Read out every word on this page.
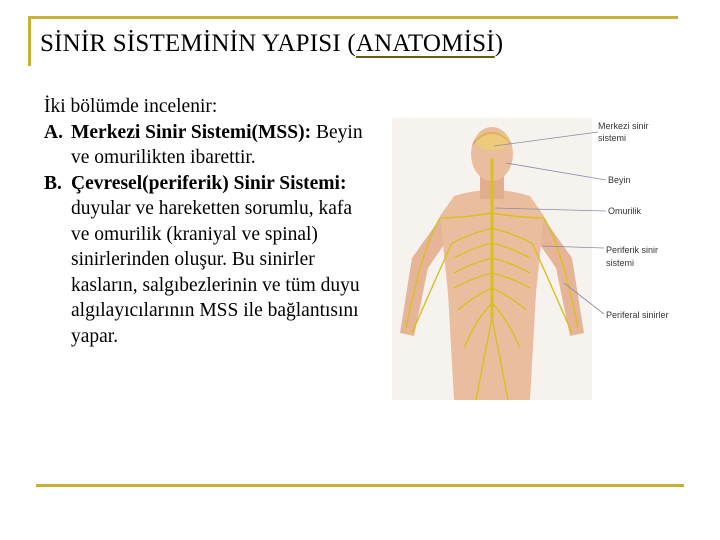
SİNİR SİSTEMİNİN YAPISI (ANATOMİSİ)

İki bölümde incelenir:

A. Merkezi Sinir Sistemi(MSS): Beyin ve omurilikten ibarettir.
B. Çevresel(periferik) Sinir Sistemi: duyular ve hareketten sorumlu, kafa ve omurilik (kraniyal ve spinal) sinirlerinden oluşur. Bu sinirler kasların, salgıbezlerinin ve tüm duyu algılayıcılarının MSS ile bağlantısını yapar.
Merkezi sinir
sistemi
Beyin
Omurilik
Periferik sinir
sistemi
Periferal sinirler
